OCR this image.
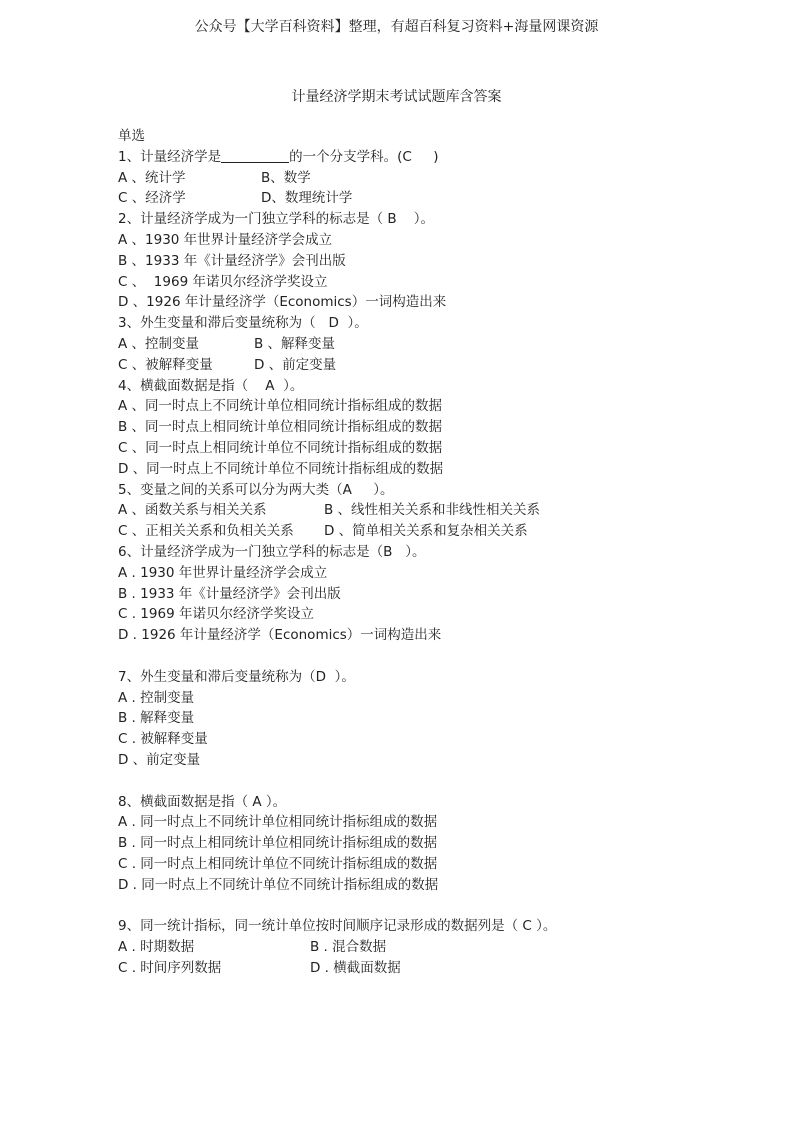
公众号【大学百科资料】整理，有超百科复习资料+海量网课资源
计量经济学期末考试试题库含答案
单选
1、计量经济学是	的一个分支学科。(C     )
A 、统计学	B、数学
C 、经济学	D、数理统计学
2、计量经济学成为一门独立学科的标志是（ B    ）。
A 、1930 年世界计量经济学会成立
B 、1933 年《计量经济学》会刊出版
C 、  1969 年诺贝尔经济学奖设立
D 、1926 年计量经济学（Economics）一词构造出来
3、外生变量和滞后变量统称为（   D  ）。
A 、控制变量	B 、解释变量
C 、被解释变量	D 、前定变量
4、横截面数据是指（    A  ）。
A 、同一时点上不同统计单位相同统计指标组成的数据
B 、同一时点上相同统计单位相同统计指标组成的数据
C 、同一时点上相同统计单位不同统计指标组成的数据
D 、同一时点上不同统计单位不同统计指标组成的数据
5、变量之间的关系可以分为两大类（A     ）。
A 、函数关系与相关关系	B 、线性相关关系和非线性相关关系
C 、正相关关系和负相关关系 D 、简单相关关系和复杂相关关系
6、计量经济学成为一门独立学科的标志是（B   ）。
A . 1930 年世界计量经济学会成立
B . 1933 年《计量经济学》会刊出版
C . 1969 年诺贝尔经济学奖设立
D . 1926 年计量经济学（Economics）一词构造出来
7、外生变量和滞后变量统称为（D  ）。
A . 控制变量
B . 解释变量
C . 被解释变量
D 、前定变量
8、横截面数据是指（ A ）。
A . 同一时点上不同统计单位相同统计指标组成的数据
B . 同一时点上相同统计单位相同统计指标组成的数据
C . 同一时点上相同统计单位不同统计指标组成的数据
D . 同一时点上不同统计单位不同统计指标组成的数据
9、同一统计指标，同一统计单位按时间顺序记录形成的数据列是（ C ）。
A . 时期数据	B . 混合数据
C . 时间序列数据	D . 横截面数据
